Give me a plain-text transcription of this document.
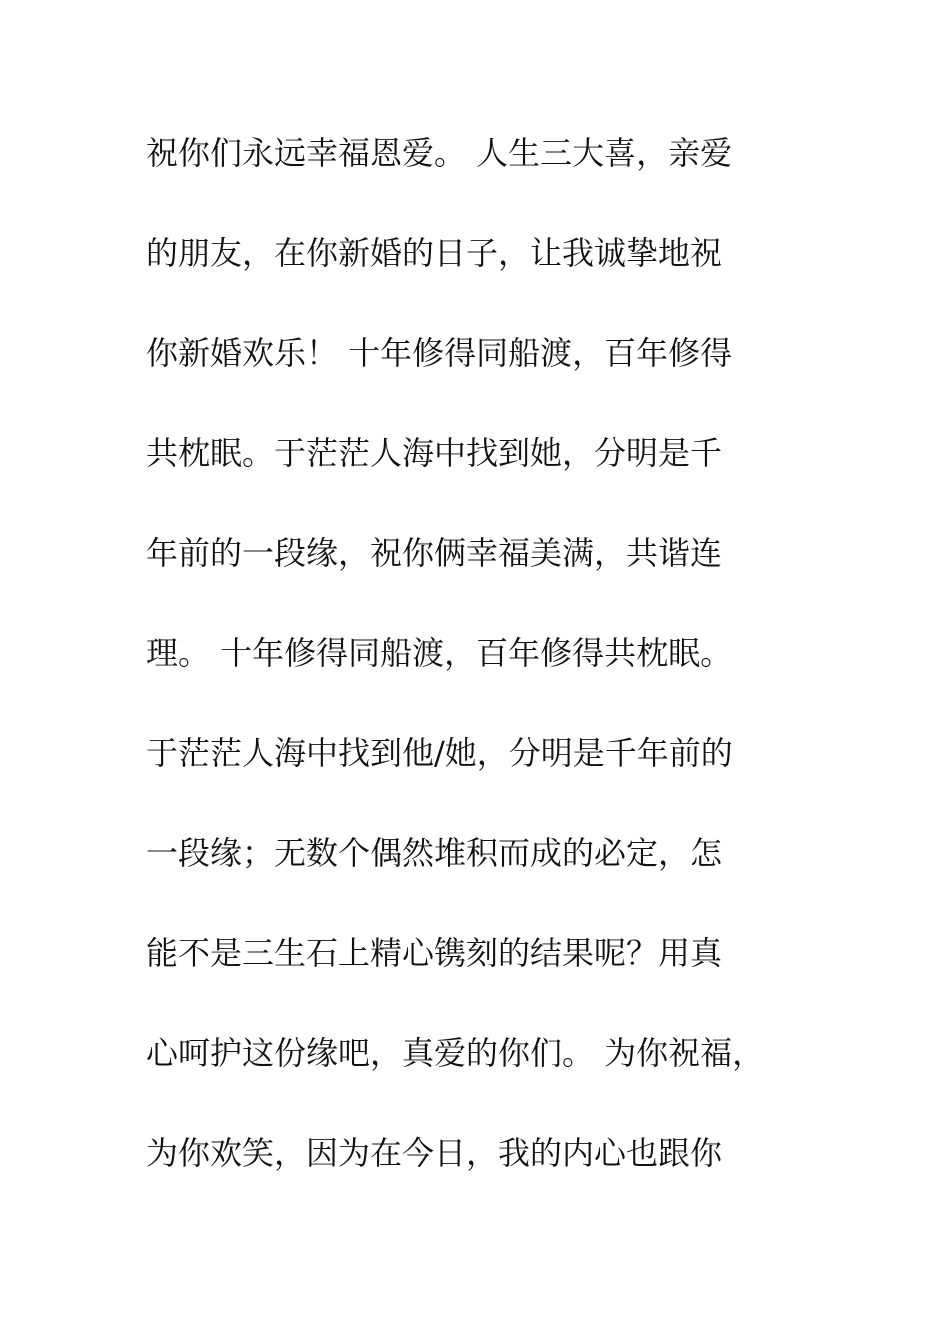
祝你们永远幸福恩爱。 人生三大喜，亲爱
的朋友，在你新婚的日子，让我诚挚地祝
你新婚欢乐！ 十年修得同船渡，百年修得
共枕眠。于茫茫人海中找到她，分明是千
年前的一段缘，祝你俩幸福美满，共谐连
理。 十年修得同船渡，百年修得共枕眠。
于茫茫人海中找到他/她，分明是千年前的
一段缘；无数个偶然堆积而成的必定，怎
能不是三生石上精心镌刻的结果呢？用真
心呵护这份缘吧，真爱的你们。 为你祝福，
为你欢笑，因为在今日，我的内心也跟你
